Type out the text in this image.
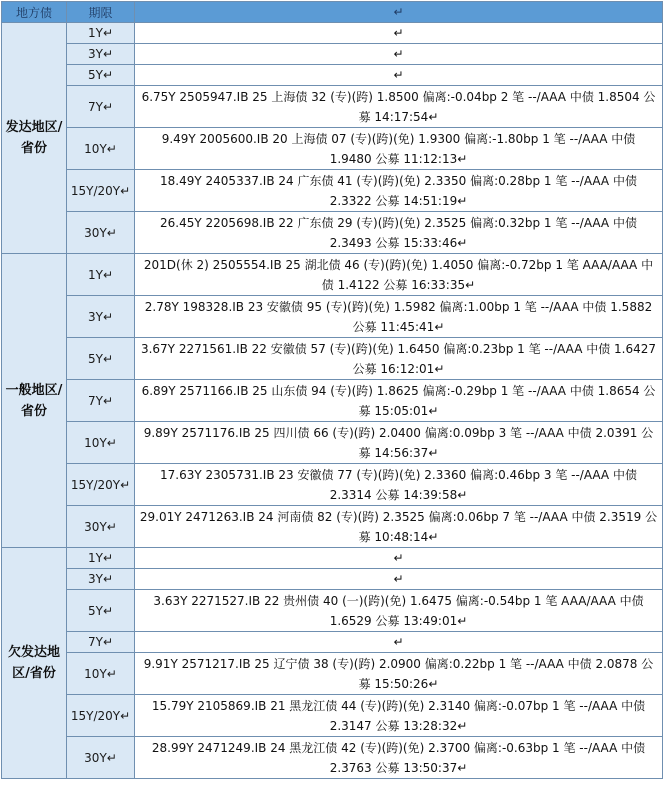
地方债	期限	↵
发达地区/省份	1Y↵	↵
	3Y↵	↵
	5Y↵	↵
	7Y↵	6.75Y 2505947.IB 25 上海债 32 (专)(跨) 1.8500 偏离:-0.04bp 2 笔 --/AAA 中债 1.8504 公募 14:17:54↵
	10Y↵	9.49Y 2005600.IB 20 上海债 07 (专)(跨)(免) 1.9300 偏离:-1.80bp 1 笔 --/AAA 中债 1.9480 公募 11:12:13↵
	15Y/20Y↵	18.49Y 2405337.IB 24 广东债 41 (专)(跨)(免) 2.3350 偏离:0.28bp 1 笔 --/AAA 中债 2.3322 公募 14:51:19↵
	30Y↵	26.45Y 2205698.IB 22 广东债 29 (专)(跨)(免) 2.3525 偏离:0.32bp 1 笔 --/AAA 中债 2.3493 公募 15:33:46↵
一般地区/省份	1Y↵	201D(休 2) 2505554.IB 25 湖北债 46 (专)(跨)(免) 1.4050 偏离:-0.72bp 1 笔 AAA/AAA 中债 1.4122 公募 16:33:35↵
	3Y↵	2.78Y 198328.IB 23 安徽债 95 (专)(跨)(免) 1.5982 偏离:1.00bp 1 笔 --/AAA 中债 1.5882 公募 11:45:41↵
	5Y↵	3.67Y 2271561.IB 22 安徽债 57 (专)(跨)(免) 1.6450 偏离:0.23bp 1 笔 --/AAA 中债 1.6427 公募 16:12:01↵
	7Y↵	6.89Y 2571166.IB 25 山东债 94 (专)(跨) 1.8625 偏离:-0.29bp 1 笔 --/AAA 中债 1.8654 公募 15:05:01↵
	10Y↵	9.89Y 2571176.IB 25 四川债 66 (专)(跨) 2.0400 偏离:0.09bp 3 笔 --/AAA 中债 2.0391 公募 14:56:37↵
	15Y/20Y↵	17.63Y 2305731.IB 23 安徽债 77 (专)(跨)(免) 2.3360 偏离:0.46bp 3 笔 --/AAA 中债 2.3314 公募 14:39:58↵
	30Y↵	29.01Y 2471263.IB 24 河南债 82 (专)(跨) 2.3525 偏离:0.06bp 7 笔 --/AAA 中债 2.3519 公募 10:48:14↵
欠发达地区/省份	1Y↵	↵
	3Y↵	↵
	5Y↵	3.63Y 2271527.IB 22 贵州债 40 (一)(跨)(免) 1.6475 偏离:-0.54bp 1 笔 AAA/AAA 中债 1.6529 公募 13:49:01↵
	7Y↵	↵
	10Y↵	9.91Y 2571217.IB 25 辽宁债 38 (专)(跨) 2.0900 偏离:0.22bp 1 笔 --/AAA 中债 2.0878 公募 15:50:26↵
	15Y/20Y↵	15.79Y 2105869.IB 21 黑龙江债 44 (专)(跨)(免) 2.3140 偏离:-0.07bp 1 笔 --/AAA 中债 2.3147 公募 13:28:32↵
	30Y↵	28.99Y 2471249.IB 24 黑龙江债 42 (专)(跨)(免) 2.3700 偏离:-0.63bp 1 笔 --/AAA 中债 2.3763 公募 13:50:37↵
